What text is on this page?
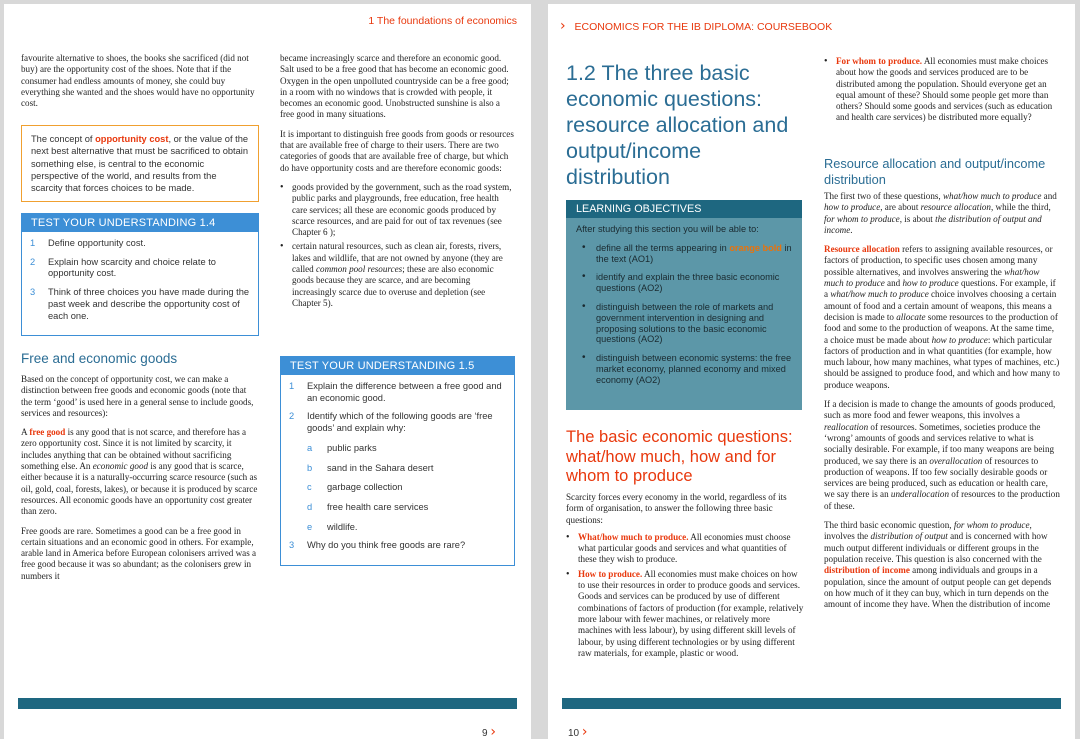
1 The foundations of economics

favourite alternative to shoes, the books she sacrificed (did not buy) are the opportunity cost of the shoes. Note that if the consumer had endless amounts of money, she could buy everything she wanted and the shoes would have no opportunity cost.

The concept of opportunity cost, or the value of the next best alternative that must be sacrificed to obtain something else, is central to the economic perspective of the world, and results from the scarcity that forces choices to be made.
TEST YOUR UNDERSTANDING 1.4
1	Define opportunity cost.
2	Explain how scarcity and choice relate to opportunity cost.
3	Think of three choices you have made during the past week and describe the opportunity cost of each one.
Free and economic goods

Based on the concept of opportunity cost, we can make a distinction between free goods and economic goods (note that the term ‘good’ is used here in a general sense to include goods, services and resources):

A free good is any good that is not scarce, and therefore has a zero opportunity cost. Since it is not limited by scarcity, it includes anything that can be obtained without sacrificing something else. An economic good is any good that is scarce, either because it is a naturally-occurring scarce resource (such as oil, gold, coal, forests, lakes), or because it is produced by scarce resources. All economic goods have an opportunity cost greater than zero.

Free goods are rare. Sometimes a good can be a free good in certain situations and an economic good in others. For example, arable land in America before European colonisers arrived was a free good because it was so abundant; as the colonisers grew in numbers it

became increasingly scarce and therefore an economic good. Salt used to be a free good that has become an economic good. Oxygen in the open unpolluted countryside can be a free good; in a room with no windows that is crowded with people, it becomes an economic good. Unobstructed sunshine is also a free good in many situations.

It is important to distinguish free goods from goods or resources that are available free of charge to their users. There are two categories of goods that are available free of charge, but which do have opportunity costs and are therefore economic goods:

• goods provided by the government, such as the road system, public parks and playgrounds, free education, free health care services; all these are economic goods produced by scarce resources, and are paid for out of tax revenues (see Chapter 6 );
• certain natural resources, such as clean air, forests, rivers, lakes and wildlife, that are not owned by anyone (they are called common pool resources; these are also economic goods because they are scarce, and are becoming increasingly scarce due to overuse and depletion (see Chapter 5).
TEST YOUR UNDERSTANDING 1.5
1	Explain the difference between a free good and an economic good.
2	Identify which of the following goods are ‘free goods’ and explain why:
a	public parks
b	sand in the Sahara desert
c	garbage collection
d	free health care services
e	wildlife.
3	Why do you think free goods are rare?
9 ›
› ECONOMICS FOR THE IB DIPLOMA: COURSEBOOK
1.2 The three basic economic questions: resource allocation and output/income distribution
LEARNING OBJECTIVES
After studying this section you will be able to:
•	define all the terms appearing in orange bold in the text (AO1)
•	identify and explain the three basic economic questions (AO2)
•	distinguish between the role of markets and government intervention in designing and proposing solutions to the basic economic questions (AO2)
•	distinguish between economic systems: the free market economy, planned economy and mixed economy (AO2)
The basic economic questions: what/how much, how and for whom to produce

Scarcity forces every economy in the world, regardless of its form of organisation, to answer the following three basic questions:

• What/how much to produce. All economies must choose what particular goods and services and what quantities of these they wish to produce.
• How to produce. All economies must make choices on how to use their resources in order to produce goods and services. Goods and services can be produced by use of different combinations of factors of production (for example, relatively more labour with fewer machines, or relatively more machines with less labour), by using different skill levels of labour, by using different technologies or by using different raw materials, for example, plastic or wood.
• For whom to produce. All economies must make choices about how the goods and services produced are to be distributed among the population. Should everyone get an equal amount of these? Should some people get more than others? Should some goods and services (such as education and health care services) be distributed more equally?
Resource allocation and output/income distribution

The first two of these questions, what/how much to produce and how to produce, are about resource allocation, while the third, for whom to produce, is about the distribution of output and income.

Resource allocation refers to assigning available resources, or factors of production, to specific uses chosen among many possible alternatives, and involves answering the what/how much to produce and how to produce questions. For example, if a what/how much to produce choice involves choosing a certain amount of food and a certain amount of weapons, this means a decision is made to allocate some resources to the production of food and some to the production of weapons. At the same time, a choice must be made about how to produce: which particular factors of production and in what quantities (for example, how much labour, how many machines, what types of machines, etc.) should be assigned to produce food, and which and how many to produce weapons.

If a decision is made to change the amounts of goods produced, such as more food and fewer weapons, this involves a reallocation of resources. Sometimes, societies produce the ‘wrong’ amounts of goods and services relative to what is socially desirable. For example, if too many weapons are being produced, we say there is an overallocation of resources to production of weapons. If too few socially desirable goods or services are being produced, such as education or health care, we say there is an underallocation of resources to the production of these.

The third basic economic question, for whom to produce, involves the distribution of output and is concerned with how much output different individuals or different groups in the population receive. This question is also concerned with the distribution of income among individuals and groups in a population, since the amount of output people can get depends on how much of it they can buy, which in turn depends on the amount of income they have. When the distribution of income

10 ›
